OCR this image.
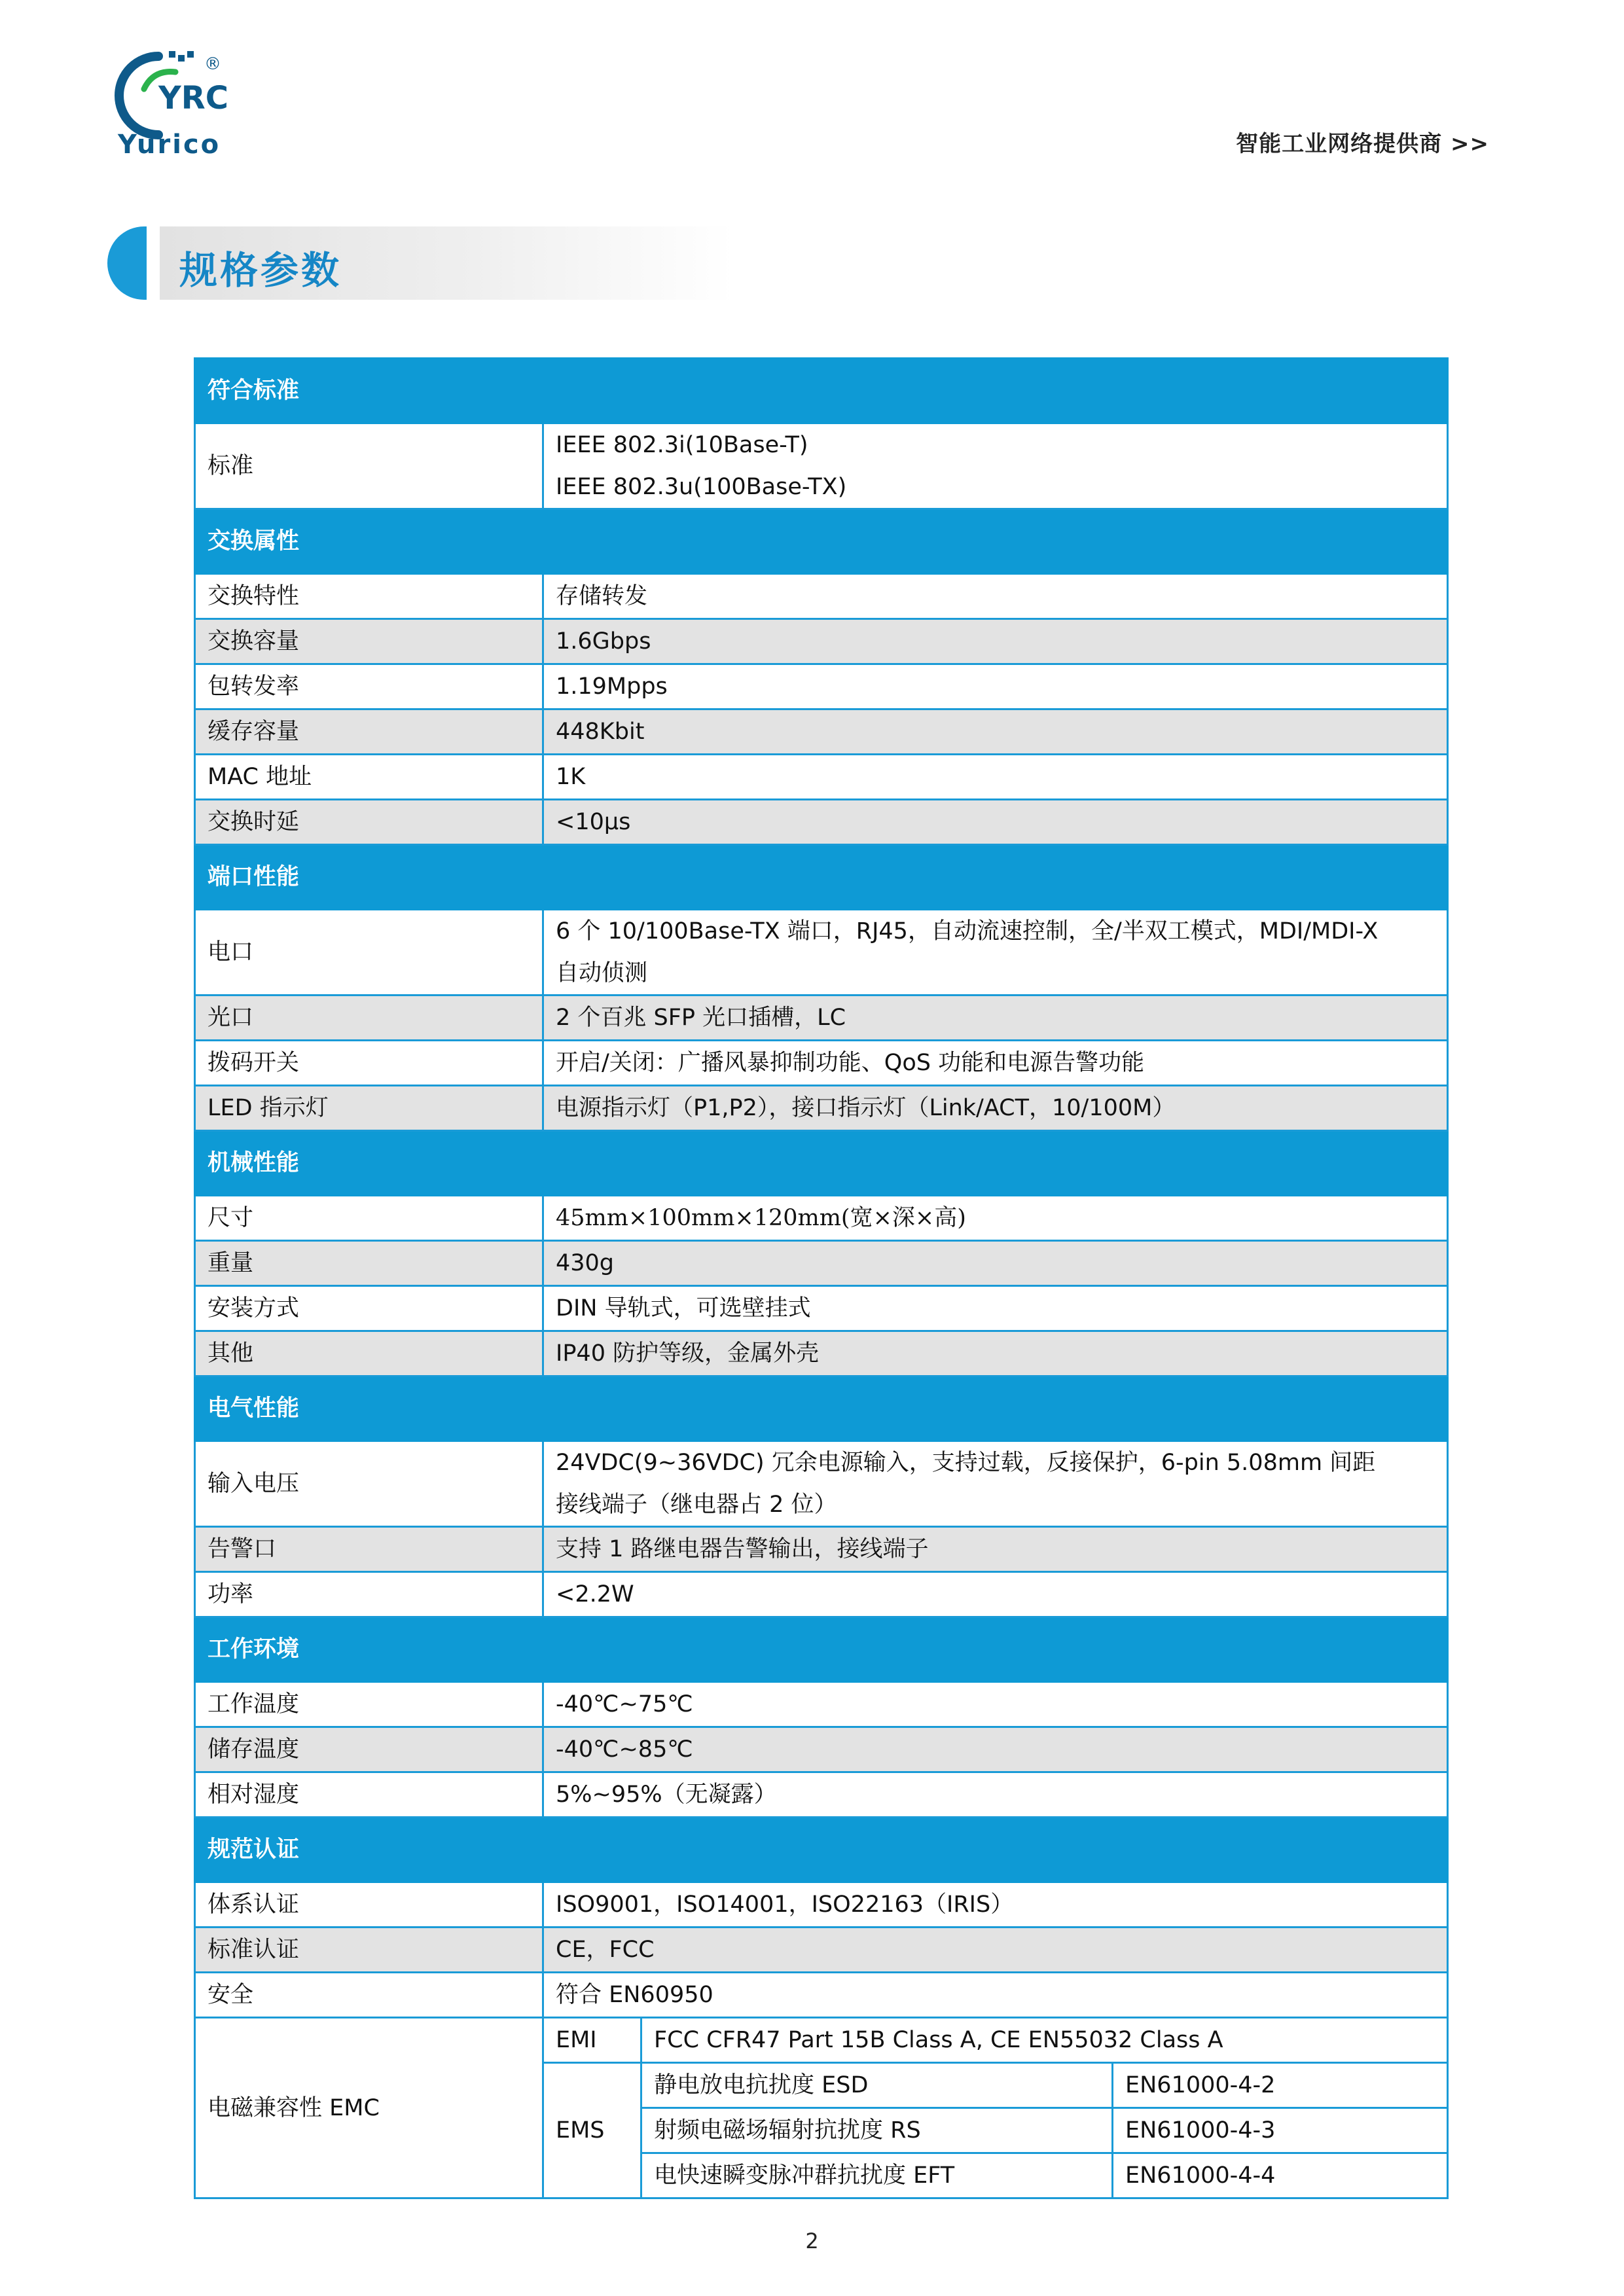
YRC
®
Yurico	智能工业网络提供商 >>
规格参数
符合标准			
标准	IEEE 802.3i(10Base-T)
IEEE 802.3u(100Base-TX)		

交换属性			
交换特性	存储转发		
交换容量	1.6Gbps		
包转发率	1.19Mpps		
缓存容量	448Kbit		
MAC 地址	1K		
交换时延	<10μs		
端口性能			
电口	6 个 10/100Base-TX 端口，RJ45，自动流速控制，全/半双工模式，MDI/MDI-X
自动侦测		

光口	2 个百兆 SFP 光口插槽，LC		
拨码开关	开启/关闭：广播风暴抑制功能、QoS 功能和电源告警功能		
LED 指示灯	电源指示灯（P1,P2），接口指示灯（Link/ACT，10/100M）		
机械性能			
尺寸	45mm×100mm×120mm(宽×深×高)		
重量	430g		
安装方式	DIN 导轨式，可选壁挂式		
其他	IP40 防护等级，金属外壳		
电气性能			
输入电压	24VDC(9~36VDC) 冗余电源输入，支持过载，反接保护，6-pin 5.08mm 间距
接线端子（继电器占 2 位）		

告警口	支持 1 路继电器告警输出，接线端子		
功率	<2.2W		
工作环境			
工作温度	-40℃~75℃		
储存温度	-40℃~85℃		
相对湿度	5%~95%（无凝露）		
规范认证			
体系认证	ISO9001，ISO14001，ISO22163（IRIS）		
标准认证	CE，FCC		
安全	符合 EN60950		
电磁兼容性 EMC	EMI	FCC CFR47 Part 15B Class A, CE EN55032 Class A	
	EMS	静电放电抗扰度 ESD	EN61000-4-2
		射频电磁场辐射抗扰度 RS	EN61000-4-3
		电快速瞬变脉冲群抗扰度 EFT	EN61000-4-4
2
